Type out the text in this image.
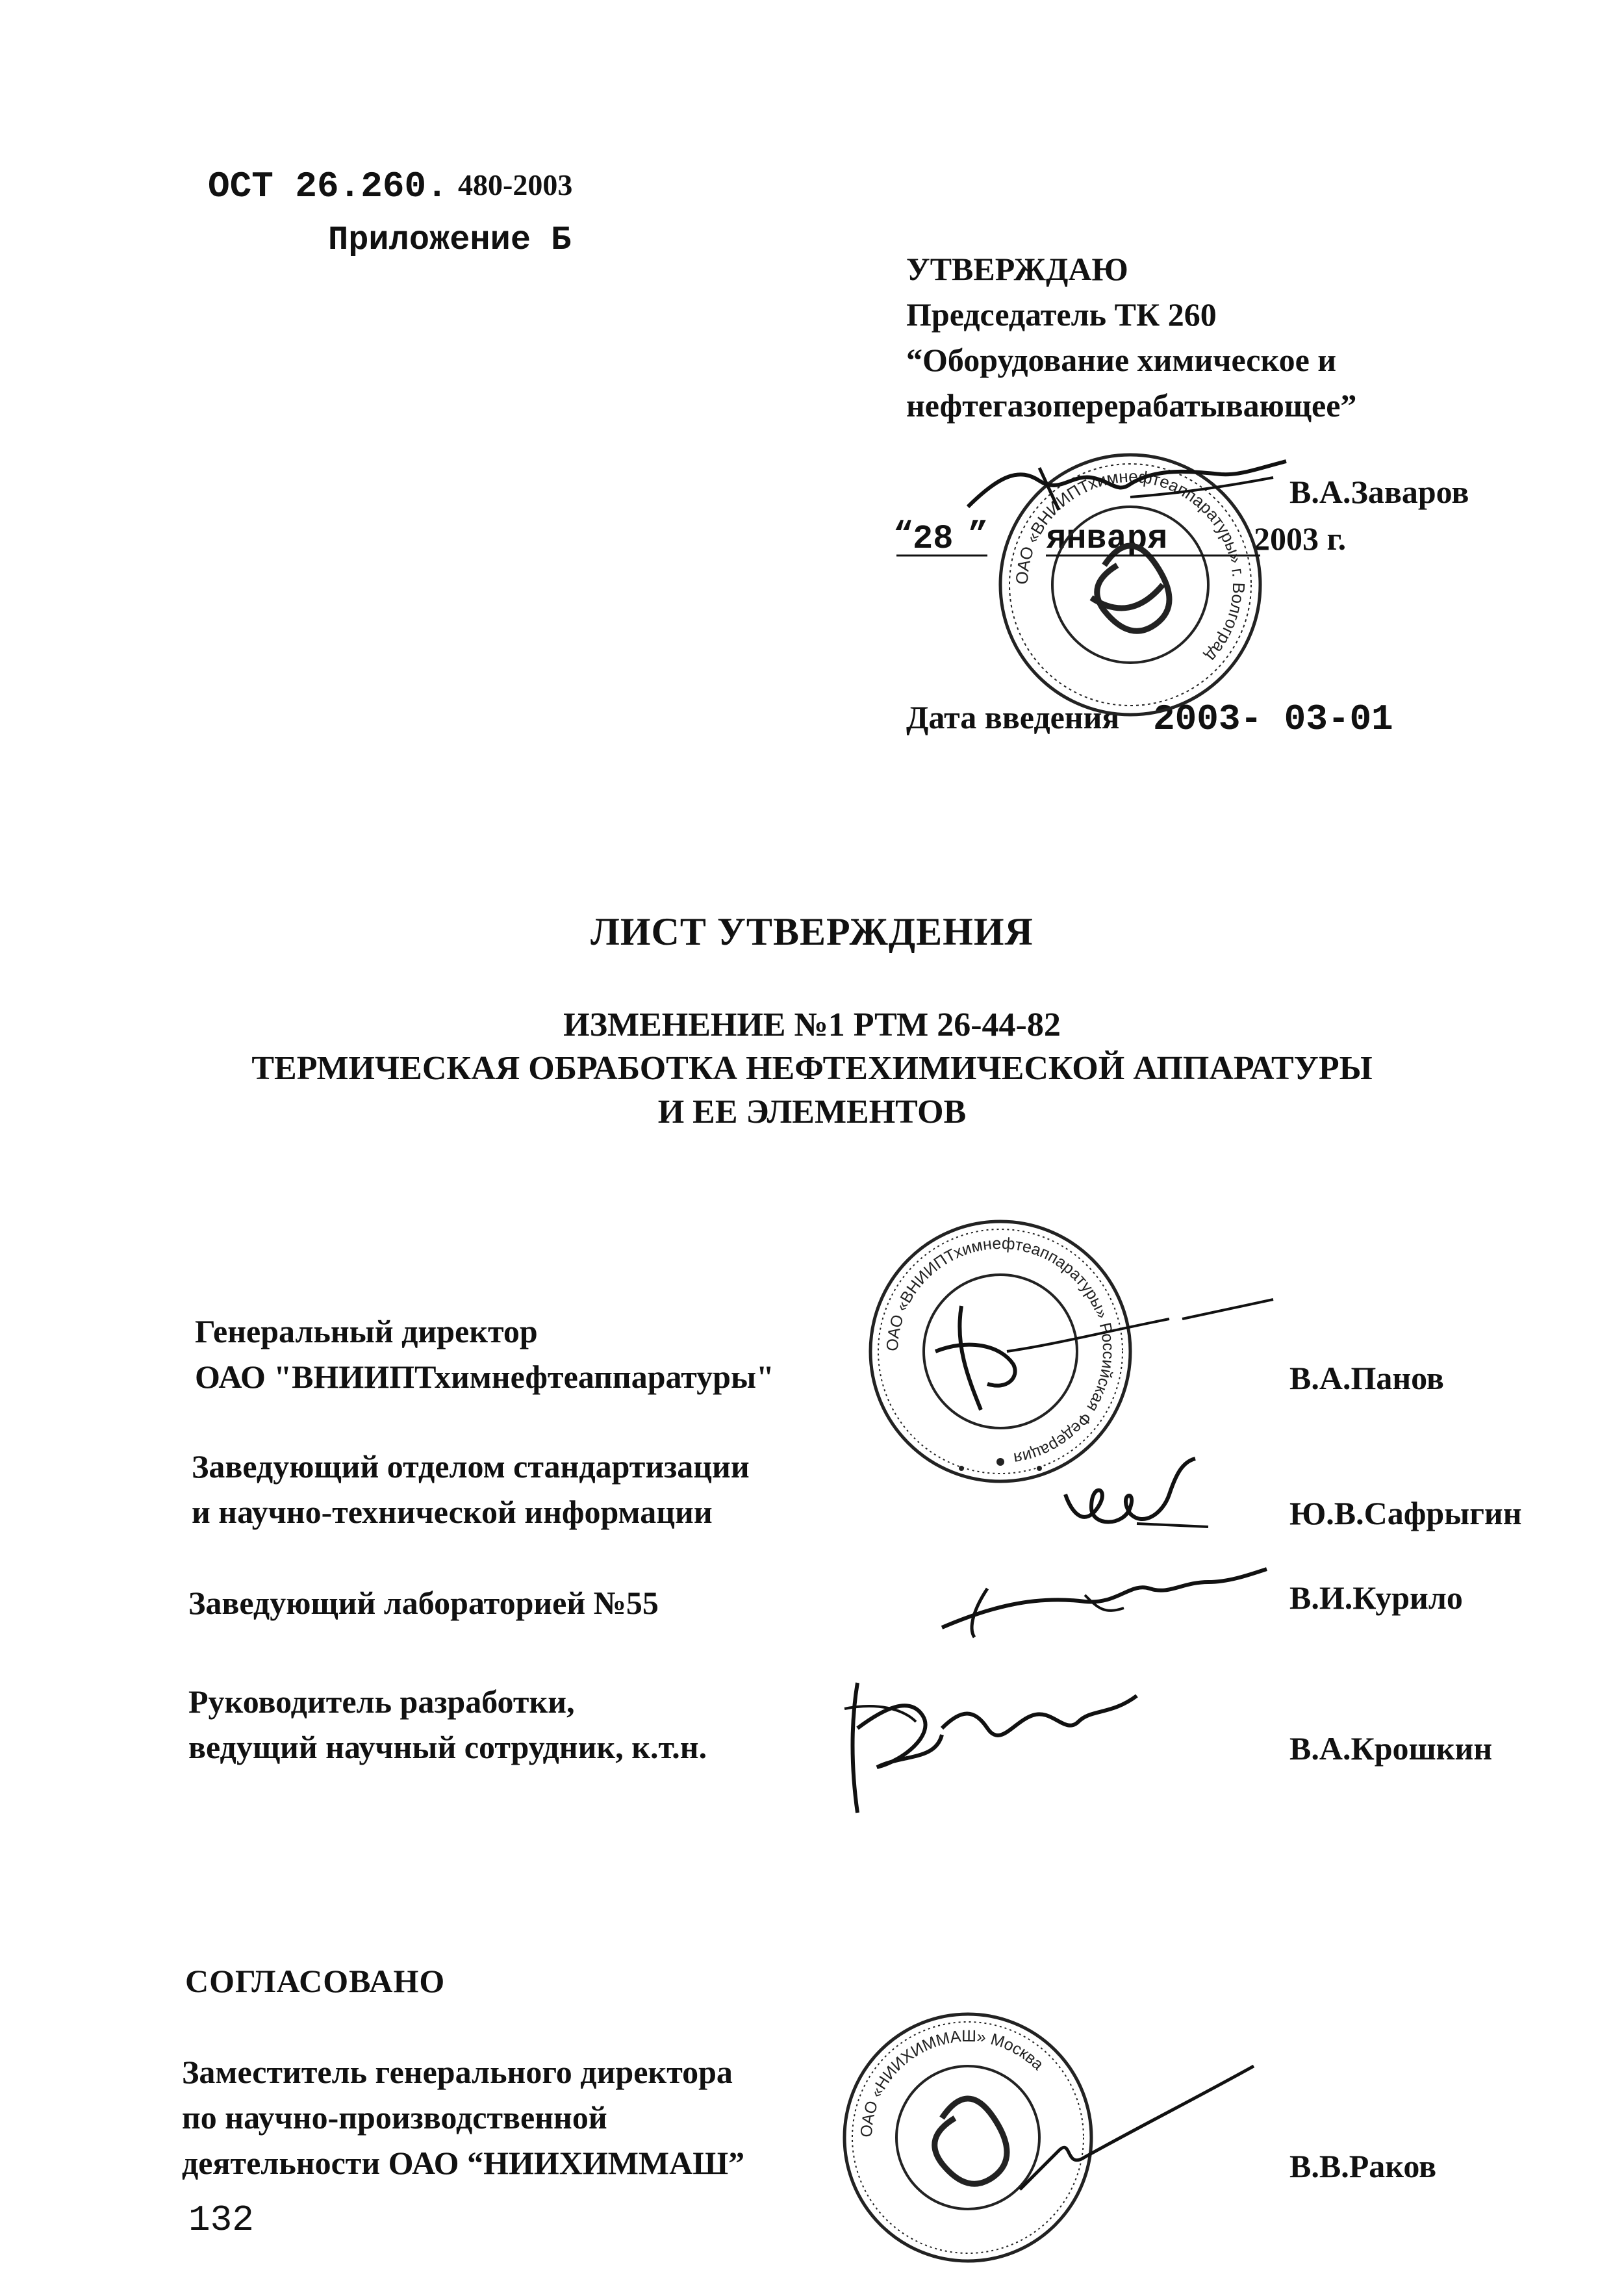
ОСТ 26.260. 480-2003
Приложение Б
УТВЕРЖДАЮ
Председатель ТК 260
“Оборудование химическое и
нефтегазоперерабатывающее”
В.А.Заваров
“
28 ” января	2003 г.
Дата введения 2003- 03-01
ЛИСТ УТВЕРЖДЕНИЯ
ИЗМЕНЕНИЕ №1 РТМ 26-44-82
ТЕРМИЧЕСКАЯ ОБРАБОТКА НЕФТЕХИМИЧЕСКОЙ АППАРАТУРЫ
И ЕЕ ЭЛЕМЕНТОВ
Генеральный директор
ОАО "ВНИИПТхимнефтеаппаратуры"	В.А.Панов
Заведующий отделом стандартизации
и научно-технической информации	Ю.В.Сафрыгин
Заведующий лабораторией №55	В.И.Курило
Руководитель разработки,
ведущий научный сотрудник, к.т.н.	В.А.Крошкин
СОГЛАСОВАНО
Заместитель генерального директора
по научно-производственной
деятельности ОАО “НИИХИММАШ”	В.В.Раков
132
ОАО «ВНИИПТхимнефтеаппаратуры» г. Волгоград
ОАО «ВНИИПТхимнефтеаппаратуры» Российская Федерация
ОАО «НИИХИММАШ» Москва
